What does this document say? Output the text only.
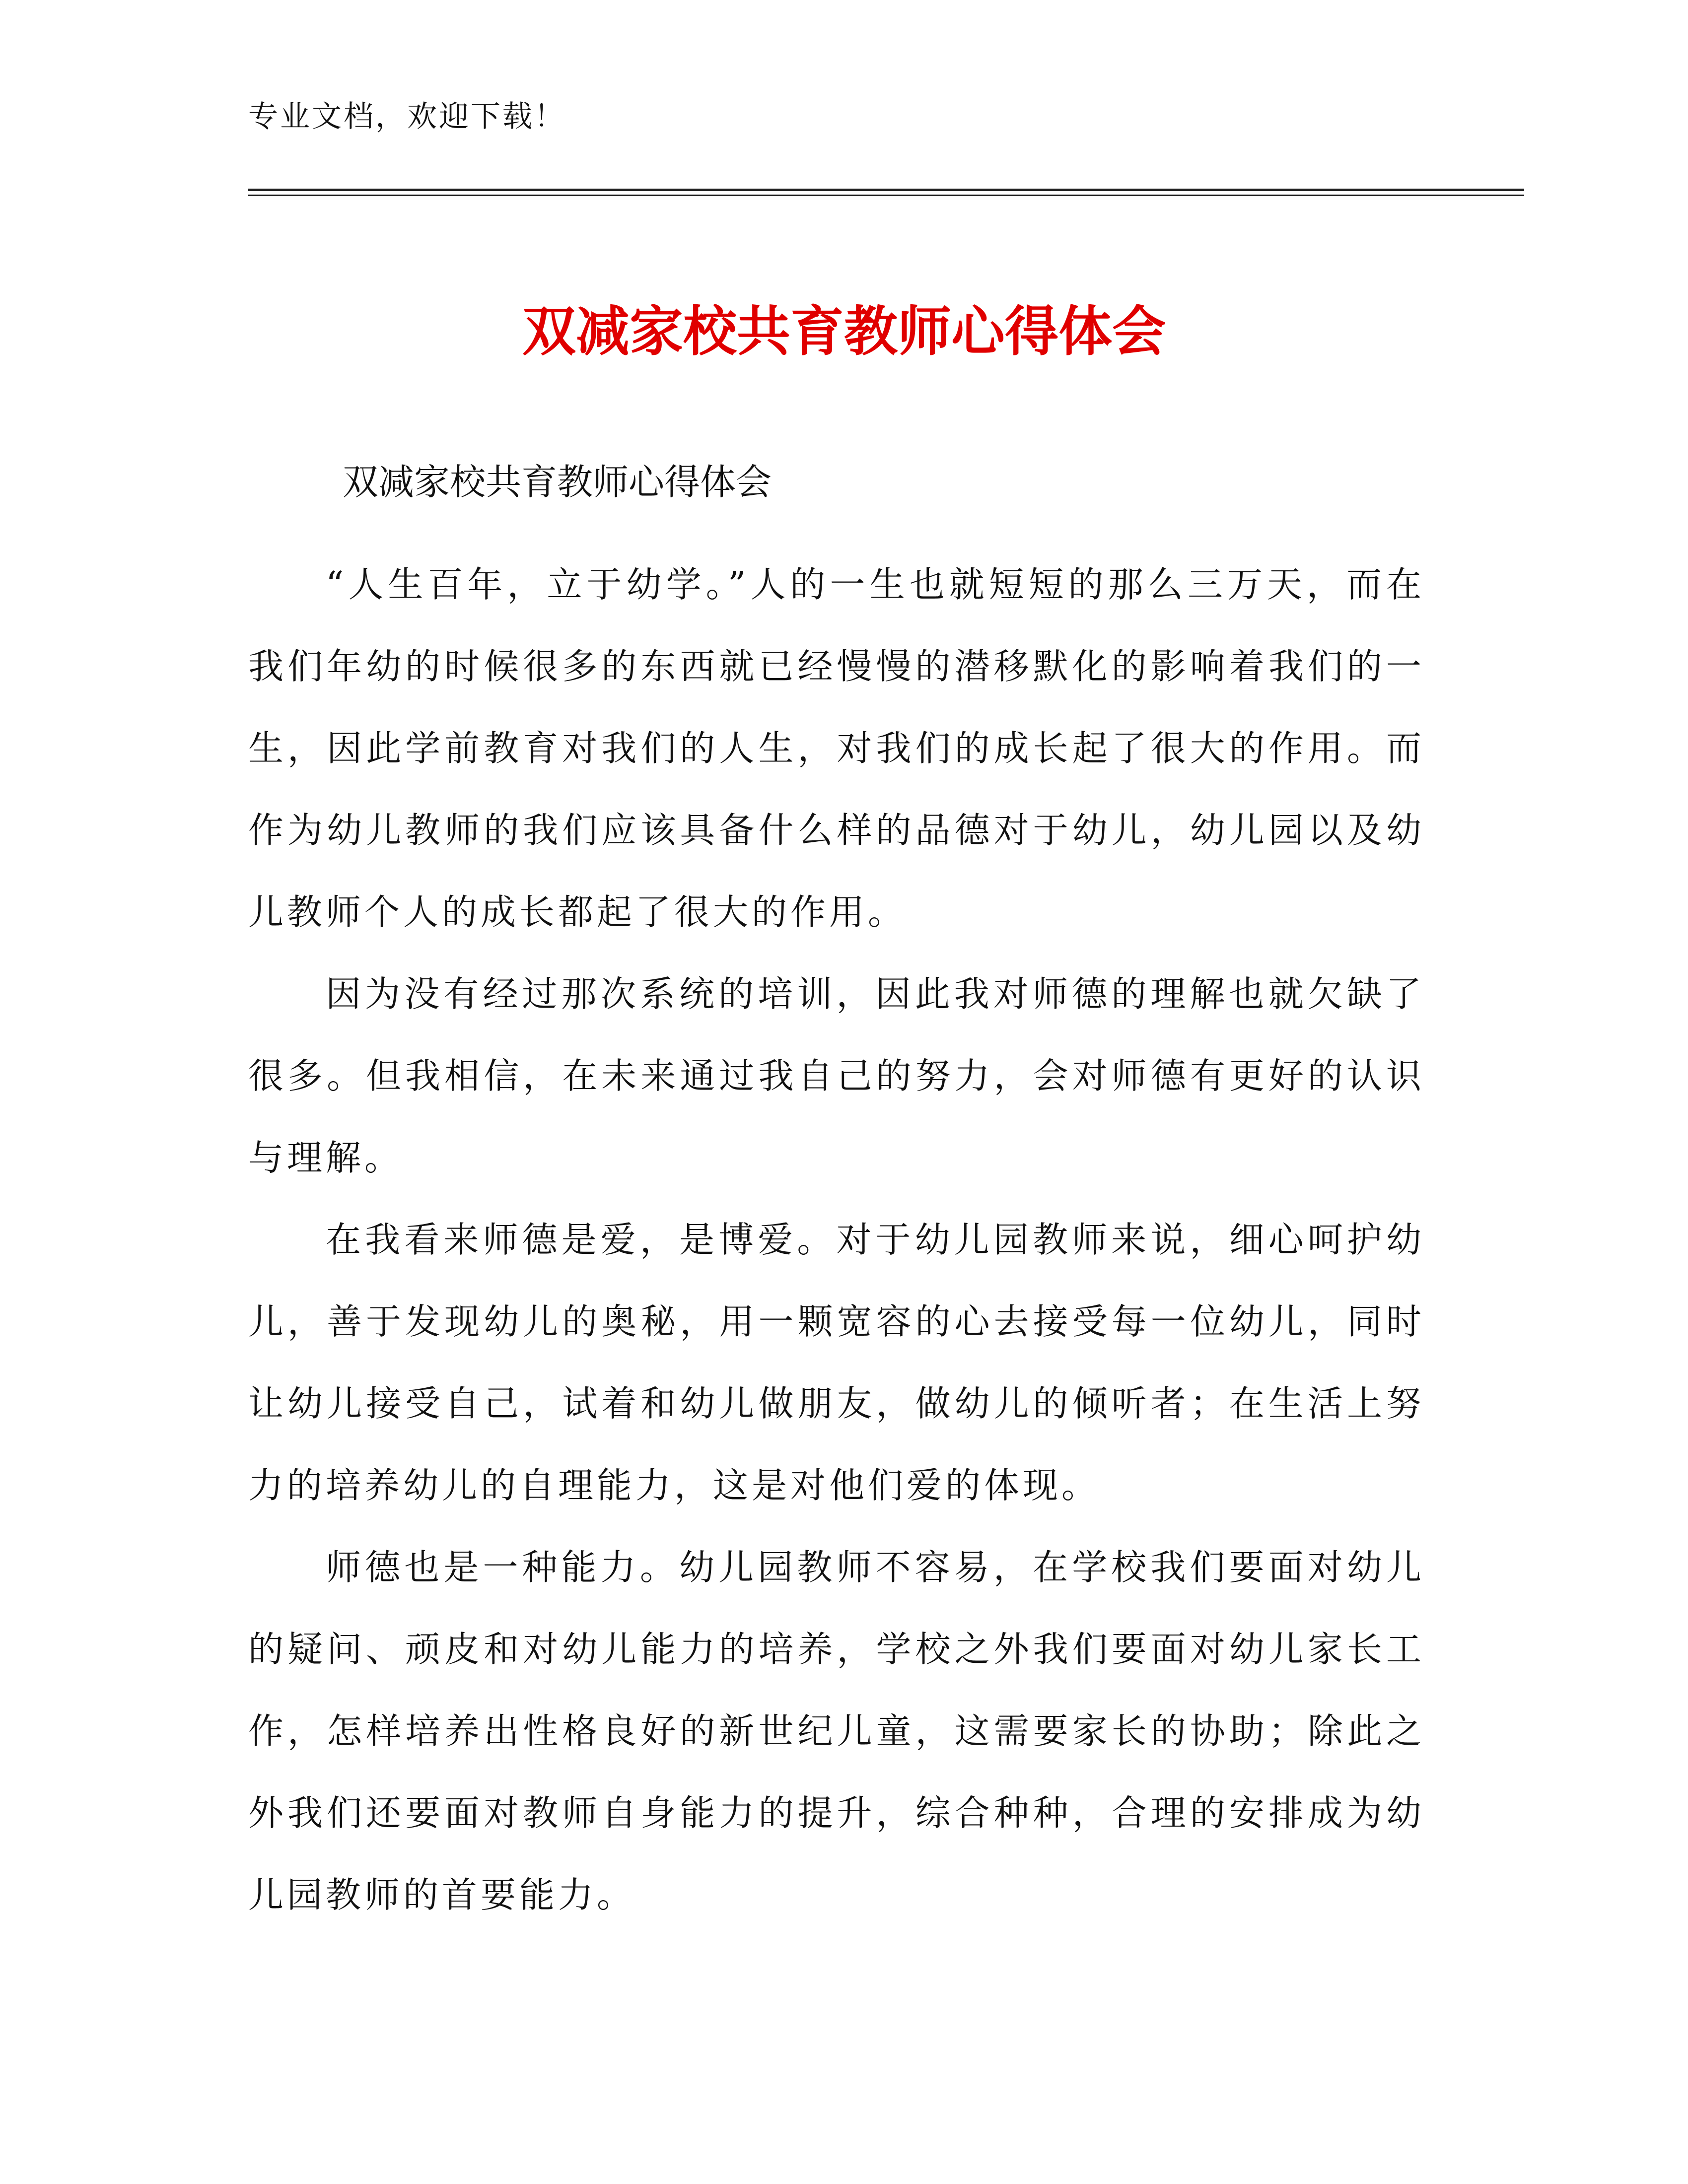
专业文档，欢迎下载！
双减家校共育教师心得体会
双减家校共育教师心得体会

“人生百年，立于幼学。”人的一生也就短短的那么三万天，而在我们年幼的时候很多的东西就已经慢慢的潜移默化的影响着我们的一生，因此学前教育对我们的人生，对我们的成长起了很大的作用。而作为幼儿教师的我们应该具备什么样的品德对于幼儿，幼儿园以及幼儿教师个人的成长都起了很大的作用。

因为没有经过那次系统的培训，因此我对师德的理解也就欠缺了很多。但我相信，在未来通过我自己的努力，会对师德有更好的认识与理解。

在我看来师德是爱，是博爱。对于幼儿园教师来说，细心呵护幼儿，善于发现幼儿的奥秘，用一颗宽容的心去接受每一位幼儿，同时让幼儿接受自己，试着和幼儿做朋友，做幼儿的倾听者；在生活上努力的培养幼儿的自理能力，这是对他们爱的体现。

师德也是一种能力。幼儿园教师不容易，在学校我们要面对幼儿的疑问、顽皮和对幼儿能力的培养，学校之外我们要面对幼儿家长工作，怎样培养出性格良好的新世纪儿童，这需要家长的协助；除此之外我们还要面对教师自身能力的提升，综合种种，合理的安排成为幼儿园教师的首要能力。
